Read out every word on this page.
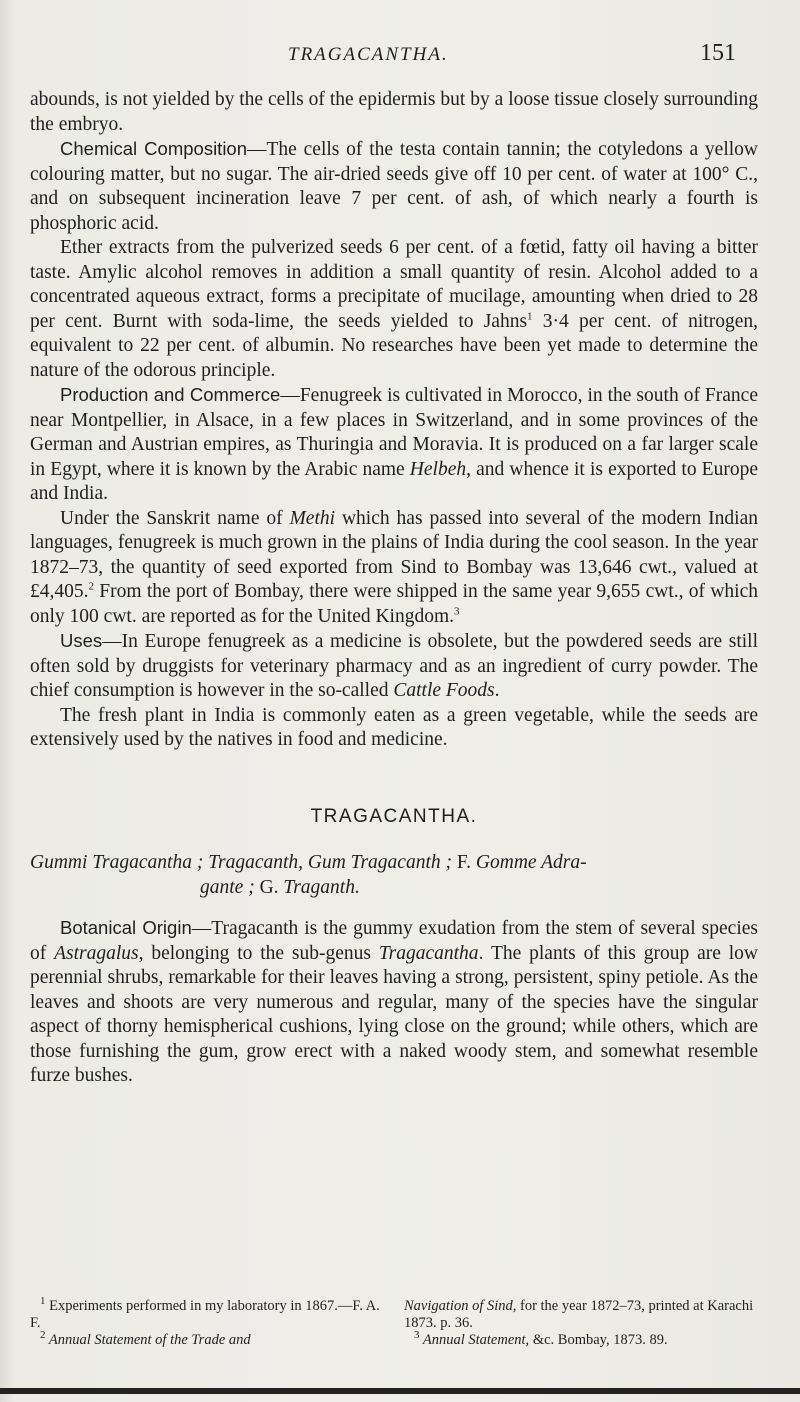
TRAGACANTHA.	151

abounds, is not yielded by the cells of the epidermis but by a loose tissue closely surrounding the embryo.

Chemical Composition—The cells of the testa contain tannin; the cotyledons a yellow colouring matter, but no sugar. The air-dried seeds give off 10 per cent. of water at 100° C., and on subsequent incineration leave 7 per cent. of ash, of which nearly a fourth is phosphoric acid.

Ether extracts from the pulverized seeds 6 per cent. of a fœtid, fatty oil having a bitter taste. Amylic alcohol removes in addition a small quantity of resin. Alcohol added to a concentrated aqueous extract, forms a precipitate of mucilage, amounting when dried to 28 per cent. Burnt with soda-lime, the seeds yielded to Jahns$^1$ 3·4 per cent. of nitrogen, equivalent to 22 per cent. of albumin. No researches have been yet made to determine the nature of the odorous principle.

Production and Commerce—Fenugreek is cultivated in Morocco, in the south of France near Montpellier, in Alsace, in a few places in Switzerland, and in some provinces of the German and Austrian empires, as Thuringia and Moravia. It is produced on a far larger scale in Egypt, where it is known by the Arabic name Helbeh, and whence it is exported to Europe and India.

Under the Sanskrit name of Methi which has passed into several of the modern Indian languages, fenugreek is much grown in the plains of India during the cool season. In the year 1872–73, the quantity of seed exported from Sind to Bombay was 13,646 cwt., valued at £4,405.$^2$ From the port of Bombay, there were shipped in the same year 9,655 cwt., of which only 100 cwt. are reported as for the United Kingdom.$^3$

Uses—In Europe fenugreek as a medicine is obsolete, but the powdered seeds are still often sold by druggists for veterinary pharmacy and as an ingredient of curry powder. The chief consumption is however in the so-called Cattle Foods.

The fresh plant in India is commonly eaten as a green vegetable, while the seeds are extensively used by the natives in food and medicine.

TRAGACANTHA.

Gummi Tragacantha ; Tragacanth, Gum Tragacanth ; F. Gomme Adra-
gante ; G. Traganth.

Botanical Origin—Tragacanth is the gummy exudation from the stem of several species of Astragalus, belonging to the sub-genus Tragacantha. The plants of this group are low perennial shrubs, remarkable for their leaves having a strong, persistent, spiny petiole. As the leaves and shoots are very numerous and regular, many of the species have the singular aspect of thorny hemispherical cushions, lying close on the ground; while others, which are those furnishing the gum, grow erect with a naked woody stem, and somewhat resemble furze bushes.

$^1$ Experiments performed in my laboratory in 1867.—F. A. F.

$^2$ Annual Statement of the Trade and

Navigation of Sind, for the year 1872–73, printed at Karachi 1873. p. 36.

$^3$ Annual Statement, &c. Bombay, 1873. 89.
